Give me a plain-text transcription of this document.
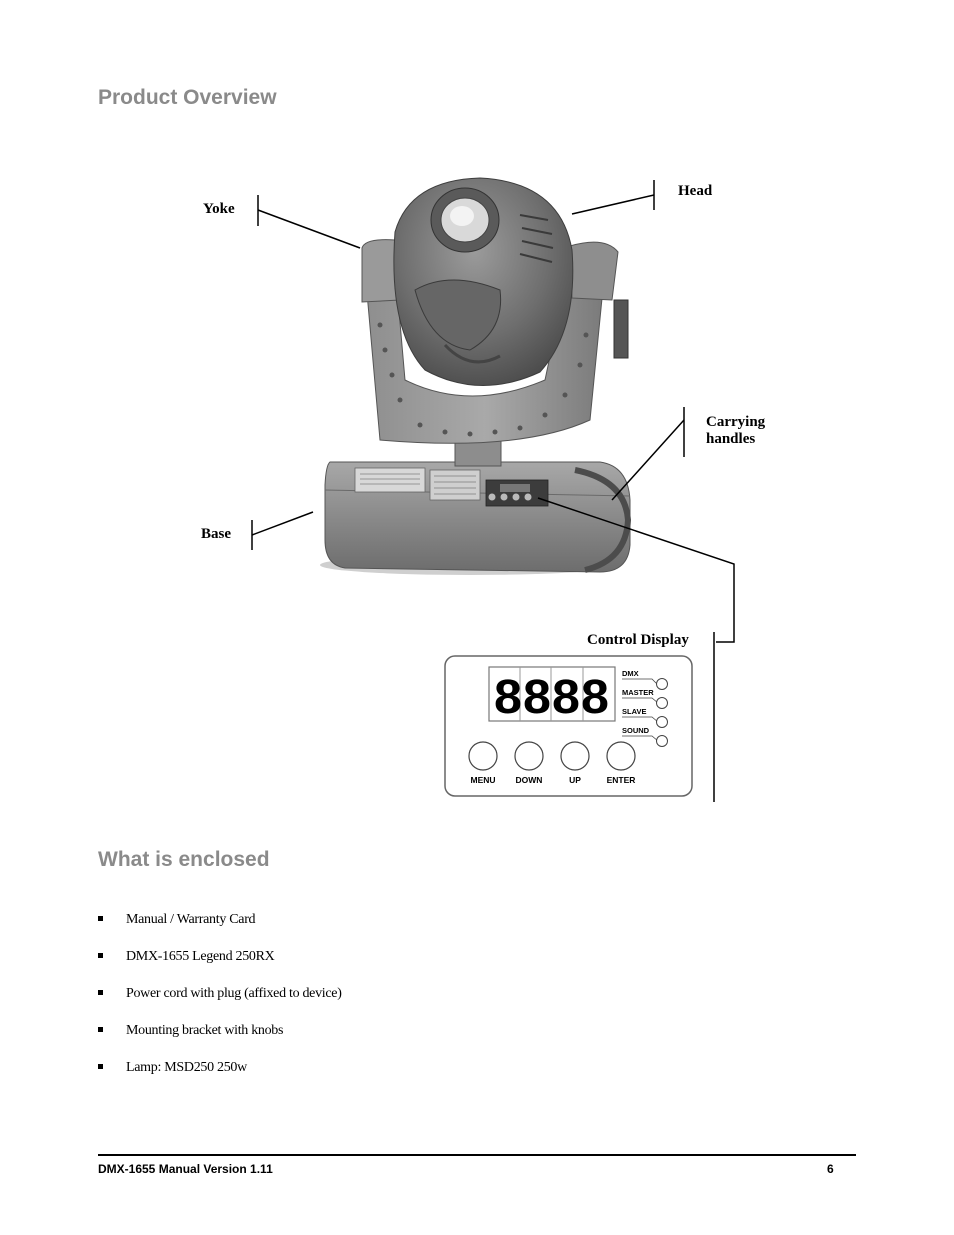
Product Overview
8888 DMX
MASTER
SLAVE
SOUND
MENU DOWN	UP	ENTER
Yoke
Head
Carrying
handles
Base
Control Display
What is enclosed
Manual / Warranty Card
DMX-1655 Legend 250RX
Power cord with plug (affixed to device)
Mounting bracket with knobs
Lamp: MSD250 250w
DMX-1655 Manual Version 1.11	6
